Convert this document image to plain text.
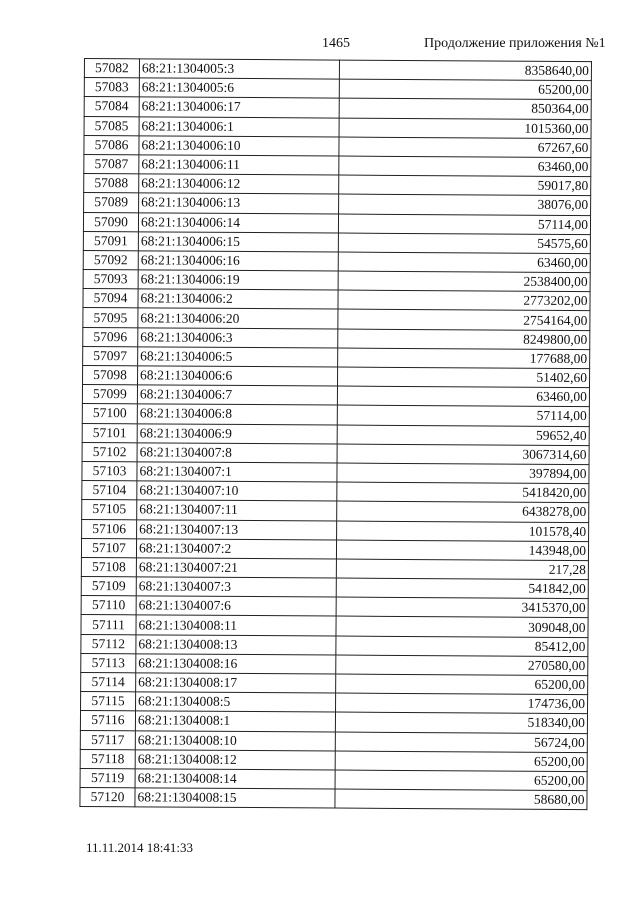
1465	Продолжение приложения №1
57082	68:21:1304005:3	8358640,00
57083	68:21:1304005:6	65200,00
57084	68:21:1304006:17	850364,00
57085	68:21:1304006:1	1015360,00
57086	68:21:1304006:10	67267,60
57087	68:21:1304006:11	63460,00
57088	68:21:1304006:12	59017,80
57089	68:21:1304006:13	38076,00
57090	68:21:1304006:14	57114,00
57091	68:21:1304006:15	54575,60
57092	68:21:1304006:16	63460,00
57093	68:21:1304006:19	2538400,00
57094	68:21:1304006:2	2773202,00
57095	68:21:1304006:20	2754164,00
57096	68:21:1304006:3	8249800,00
57097	68:21:1304006:5	177688,00
57098	68:21:1304006:6	51402,60
57099	68:21:1304006:7	63460,00
57100	68:21:1304006:8	57114,00
57101	68:21:1304006:9	59652,40
57102	68:21:1304007:8	3067314,60
57103	68:21:1304007:1	397894,00
57104	68:21:1304007:10	5418420,00
57105	68:21:1304007:11	6438278,00
57106	68:21:1304007:13	101578,40
57107	68:21:1304007:2	143948,00
57108	68:21:1304007:21	217,28
57109	68:21:1304007:3	541842,00
57110	68:21:1304007:6	3415370,00
57111	68:21:1304008:11	309048,00
57112	68:21:1304008:13	85412,00
57113	68:21:1304008:16	270580,00
57114	68:21:1304008:17	65200,00
57115	68:21:1304008:5	174736,00
57116	68:21:1304008:1	518340,00
57117	68:21:1304008:10	56724,00
57118	68:21:1304008:12	65200,00
57119	68:21:1304008:14	65200,00
57120	68:21:1304008:15	58680,00
11.11.2014 18:41:33
